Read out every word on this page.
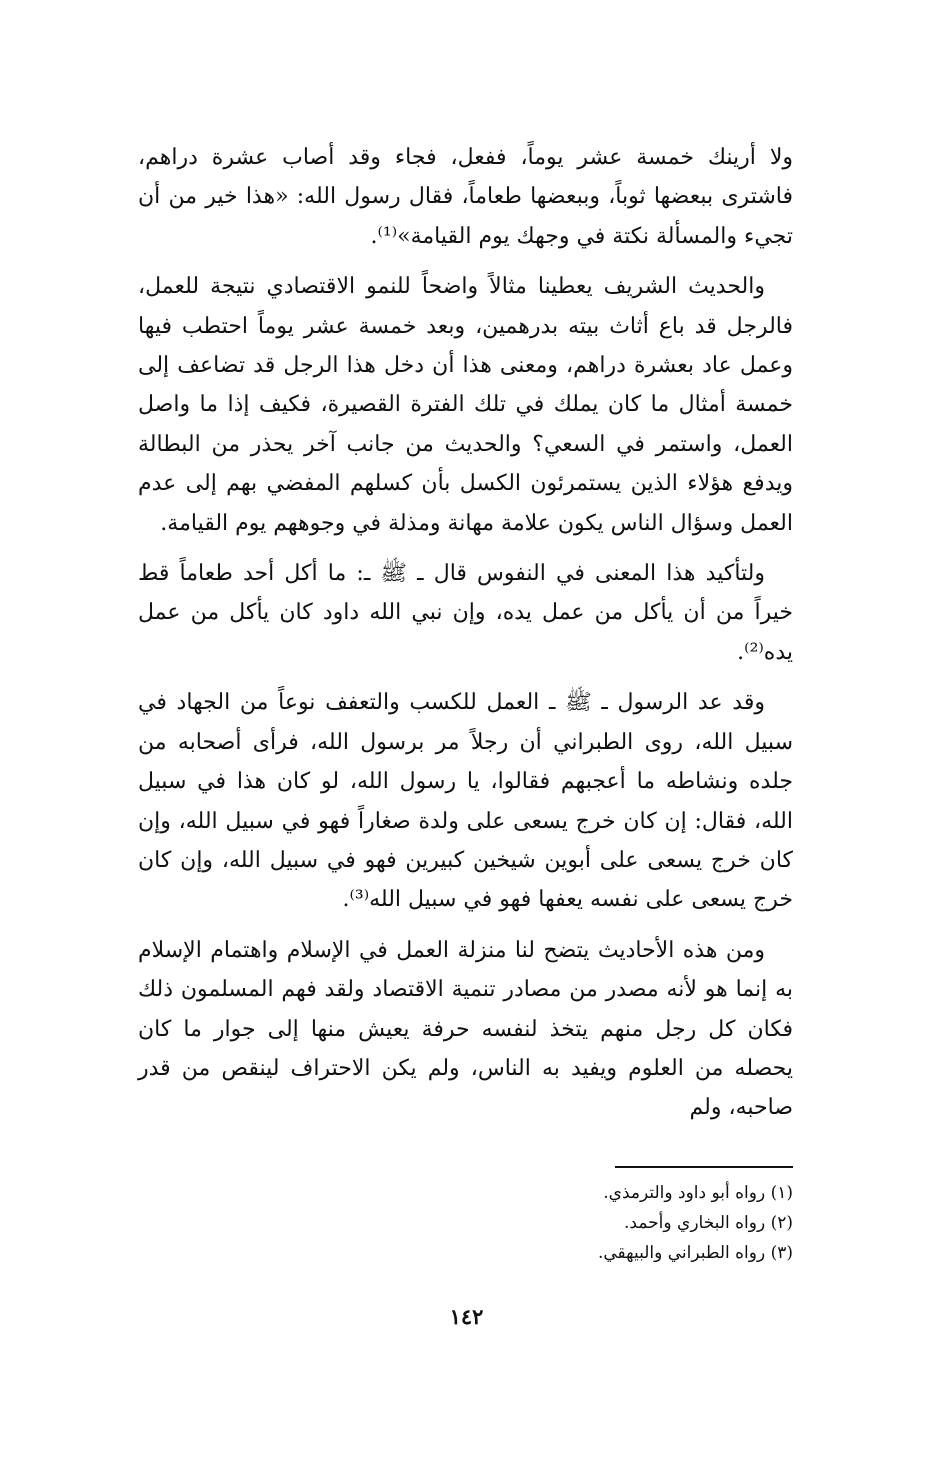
ولا أرينك خمسة عشر يوماً، ففعل، فجاء وقد أصاب عشرة دراهم، فاشترى ببعضها ثوباً، وببعضها طعاماً، فقال رسول الله: «هذا خير من أن تجيء والمسألة نكتة في وجهك يوم القيامة»⁽¹⁾.

والحديث الشريف يعطينا مثالاً واضحاً للنمو الاقتصادي نتيجة للعمل، فالرجل قد باع أثاث بيته بدرهمين، وبعد خمسة عشر يوماً احتطب فيها وعمل عاد بعشرة دراهم، ومعنى هذا أن دخل هذا الرجل قد تضاعف إلى خمسة أمثال ما كان يملك في تلك الفترة القصيرة، فكيف إذا ما واصل العمل، واستمر في السعي؟ والحديث من جانب آخر يحذر من البطالة ويدفع هؤلاء الذين يستمرئون الكسل بأن كسلهم المفضي بهم إلى عدم العمل وسؤال الناس يكون علامة مهانة ومذلة في وجوههم يوم القيامة.

ولتأكيد هذا المعنى في النفوس قال ـ ﷺ ـ: ما أكل أحد طعاماً قط خيراً من أن يأكل من عمل يده، وإن نبي الله داود كان يأكل من عمل يده⁽²⁾.

وقد عد الرسول ـ ﷺ ـ العمل للكسب والتعفف نوعاً من الجهاد في سبيل الله، روى الطبراني أن رجلاً مر برسول الله، فرأى أصحابه من جلده ونشاطه ما أعجبهم فقالوا، يا رسول الله، لو كان هذا في سبيل الله، فقال: إن كان خرج يسعى على ولدة صغاراً فهو في سبيل الله، وإن كان خرج يسعى على أبوين شيخين كبيرين فهو في سبيل الله، وإن كان خرج يسعى على نفسه يعفها فهو في سبيل الله⁽³⁾.

ومن هذه الأحاديث يتضح لنا منزلة العمل في الإسلام واهتمام الإسلام به إنما هو لأنه مصدر من مصادر تنمية الاقتصاد ولقد فهم المسلمون ذلك فكان كل رجل منهم يتخذ لنفسه حرفة يعيش منها إلى جوار ما كان يحصله من العلوم ويفيد به الناس، ولم يكن الاحتراف لينقص من قدر صاحبه، ولم

(١) رواه أبو داود والترمذي.

(٢) رواه البخاري وأحمد.

(٣) رواه الطبراني والبيهقي.

١٤٢
